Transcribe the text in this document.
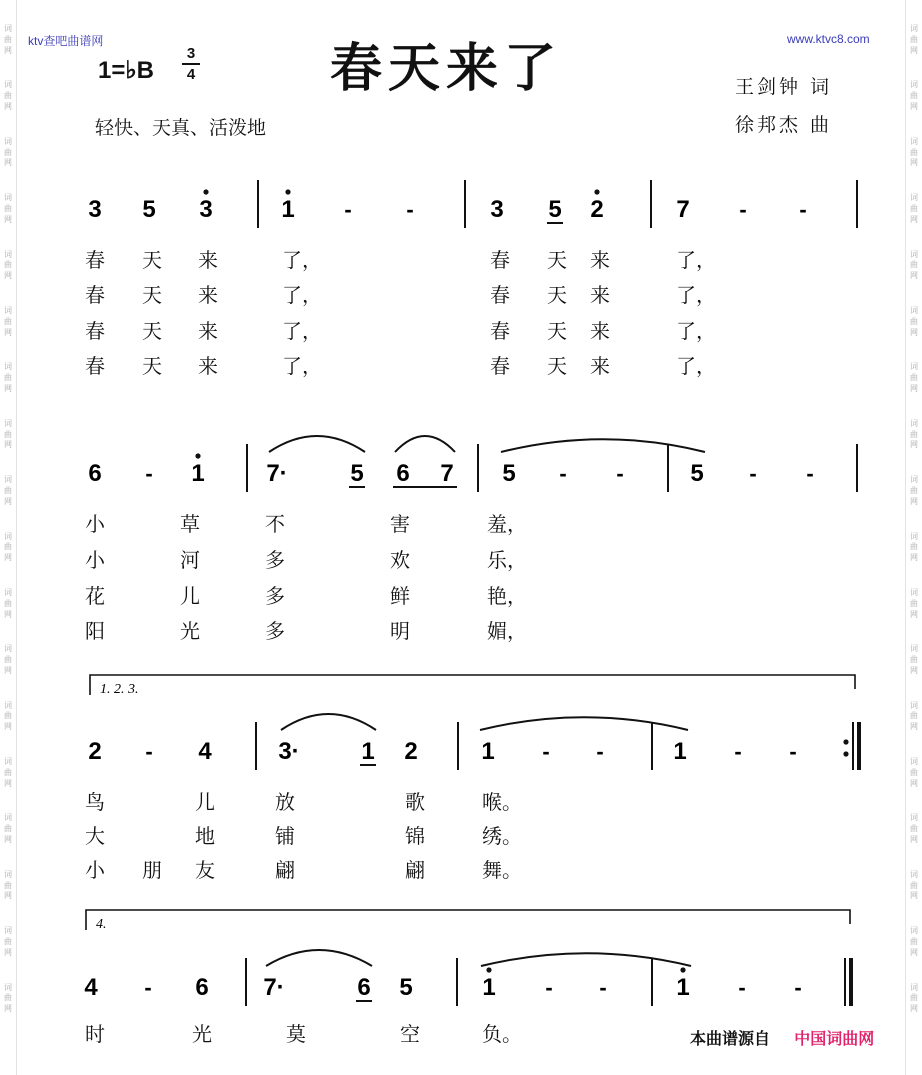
词
曲
网
词
曲
网
词
曲
网
词
曲
网
词
曲
网
词
曲
网
词
曲
网
词
曲
网
词
曲
网
词
曲
网
词
曲
网
词
曲
网
词
曲
网
词
曲
网
词
曲
网
词
曲
网
词
曲
网
词
曲
网
词
曲
网
词
曲
网
词
曲
网
词
曲
网
词
曲
网
词
曲
网
词
曲
网
词
曲
网
词
曲
网
词
曲
网
词
曲
网
词
曲
网
词
曲
网
词
曲
网
词
曲
网
词
曲
网
词
曲
网
词
曲
网
ktv查吧曲谱网	www.ktvc8.com
1=♭B
3
4	春天来了
轻快、天真、活泼地
王剑钟 词
徐邦杰 曲
3 5 3	1 - -	3 5 2	7 - -
6 - 1	7·	5 6 7 5 - -	5 - -
2 - 4	3·	1 2	1 - -	1 - -
4 - 6 7·	6 5	1 - -	1 - -
1. 2. 3.
4.
春 天 来	了，	春 天 来	了，
春 天 来	了，	春 天 来	了，
春 天 来	了，	春 天 来	了，
春 天 来	了，	春 天 来	了，
小	草	不	害	羞，
小	河	多	欢	乐，
花	儿	多	鲜	艳，
阳	光	多	明	媚，
鸟	儿	放	歌	喉。
大	地	铺	锦	绣。
小 朋 友	翩	翩	舞。
时	光	莫	空	负。	本曲谱源自 中国词曲网
